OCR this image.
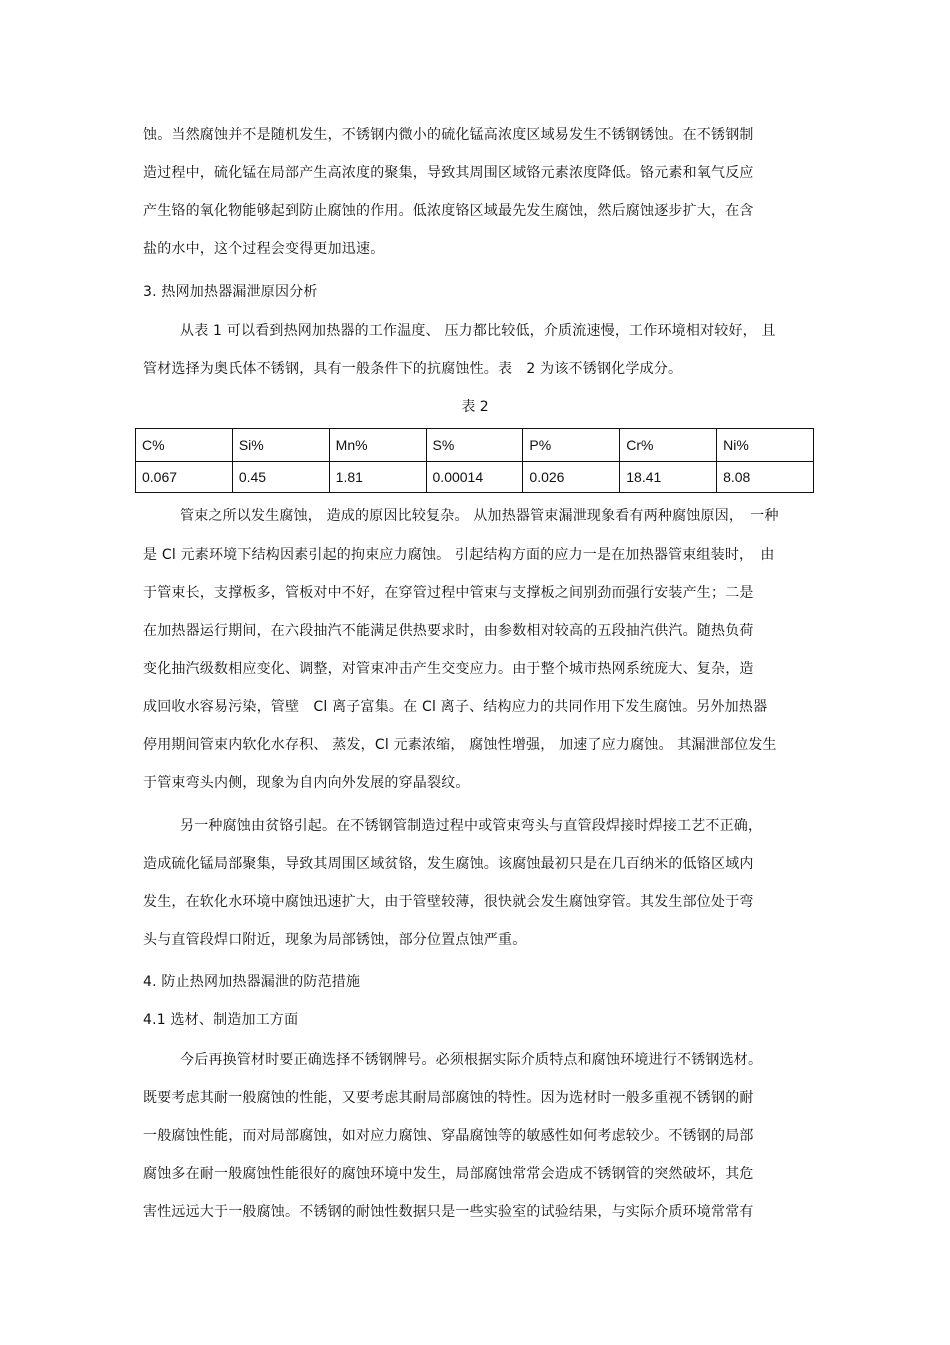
蚀。当然腐蚀并不是随机发生，不锈钢内微小的硫化锰高浓度区域易发生不锈钢锈蚀。在不锈钢制
造过程中，硫化锰在局部产生高浓度的聚集，导致其周围区域铬元素浓度降低。铬元素和氧气反应
产生铬的氧化物能够起到防止腐蚀的作用。低浓度铬区域最先发生腐蚀，然后腐蚀逐步扩大，在含
盐的水中，这个过程会变得更加迅速。
3. 热网加热器漏泄原因分析
从表 1 可以看到热网加热器的工作温度、 压力都比较低，介质流速慢，工作环境相对较好， 且
管材选择为奥氏体不锈钢，具有一般条件下的抗腐蚀性。表　2 为该不锈钢化学成分。
表 2
C%	Si%	Mn%	S%	P%	Cr%	Ni%
0.067	0.45	1.81	0.00014	0.026	18.41	8.08
管束之所以发生腐蚀， 造成的原因比较复杂。 从加热器管束漏泄现象看有两种腐蚀原因，　一种
是 Cl 元素环境下结构因素引起的拘束应力腐蚀。 引起结构方面的应力一是在加热器管束组装时，　由
于管束长，支撑板多，管板对中不好，在穿管过程中管束与支撑板之间别劲而强行安装产生；二是
在加热器运行期间，在六段抽汽不能满足供热要求时，由参数相对较高的五段抽汽供汽。随热负荷
变化抽汽级数相应变化、调整，对管束冲击产生交变应力。由于整个城市热网系统庞大、复杂，造
成回收水容易污染，管壁　Cl 离子富集。在 Cl 离子、结构应力的共同作用下发生腐蚀。另外加热器
停用期间管束内软化水存积、 蒸发，Cl 元素浓缩， 腐蚀性增强， 加速了应力腐蚀。 其漏泄部位发生
于管束弯头内侧，现象为自内向外发展的穿晶裂纹。
另一种腐蚀由贫铬引起。在不锈钢管制造过程中或管束弯头与直管段焊接时焊接工艺不正确，
造成硫化锰局部聚集，导致其周围区域贫铬，发生腐蚀。该腐蚀最初只是在几百纳米的低铬区域内
发生，在软化水环境中腐蚀迅速扩大，由于管壁较薄，很快就会发生腐蚀穿管。其发生部位处于弯
头与直管段焊口附近，现象为局部锈蚀，部分位置点蚀严重。
4. 防止热网加热器漏泄的防范措施
4.1 选材、制造加工方面
今后再换管材时要正确选择不锈钢牌号。必须根据实际介质特点和腐蚀环境进行不锈钢选材。
既要考虑其耐一般腐蚀的性能，又要考虑其耐局部腐蚀的特性。因为选材时一般多重视不锈钢的耐
一般腐蚀性能，而对局部腐蚀，如对应力腐蚀、穿晶腐蚀等的敏感性如何考虑较少。不锈钢的局部
腐蚀多在耐一般腐蚀性能很好的腐蚀环境中发生，局部腐蚀常常会造成不锈钢管的突然破坏，其危
害性远远大于一般腐蚀。不锈钢的耐蚀性数据只是一些实验室的试验结果，与实际介质环境常常有
